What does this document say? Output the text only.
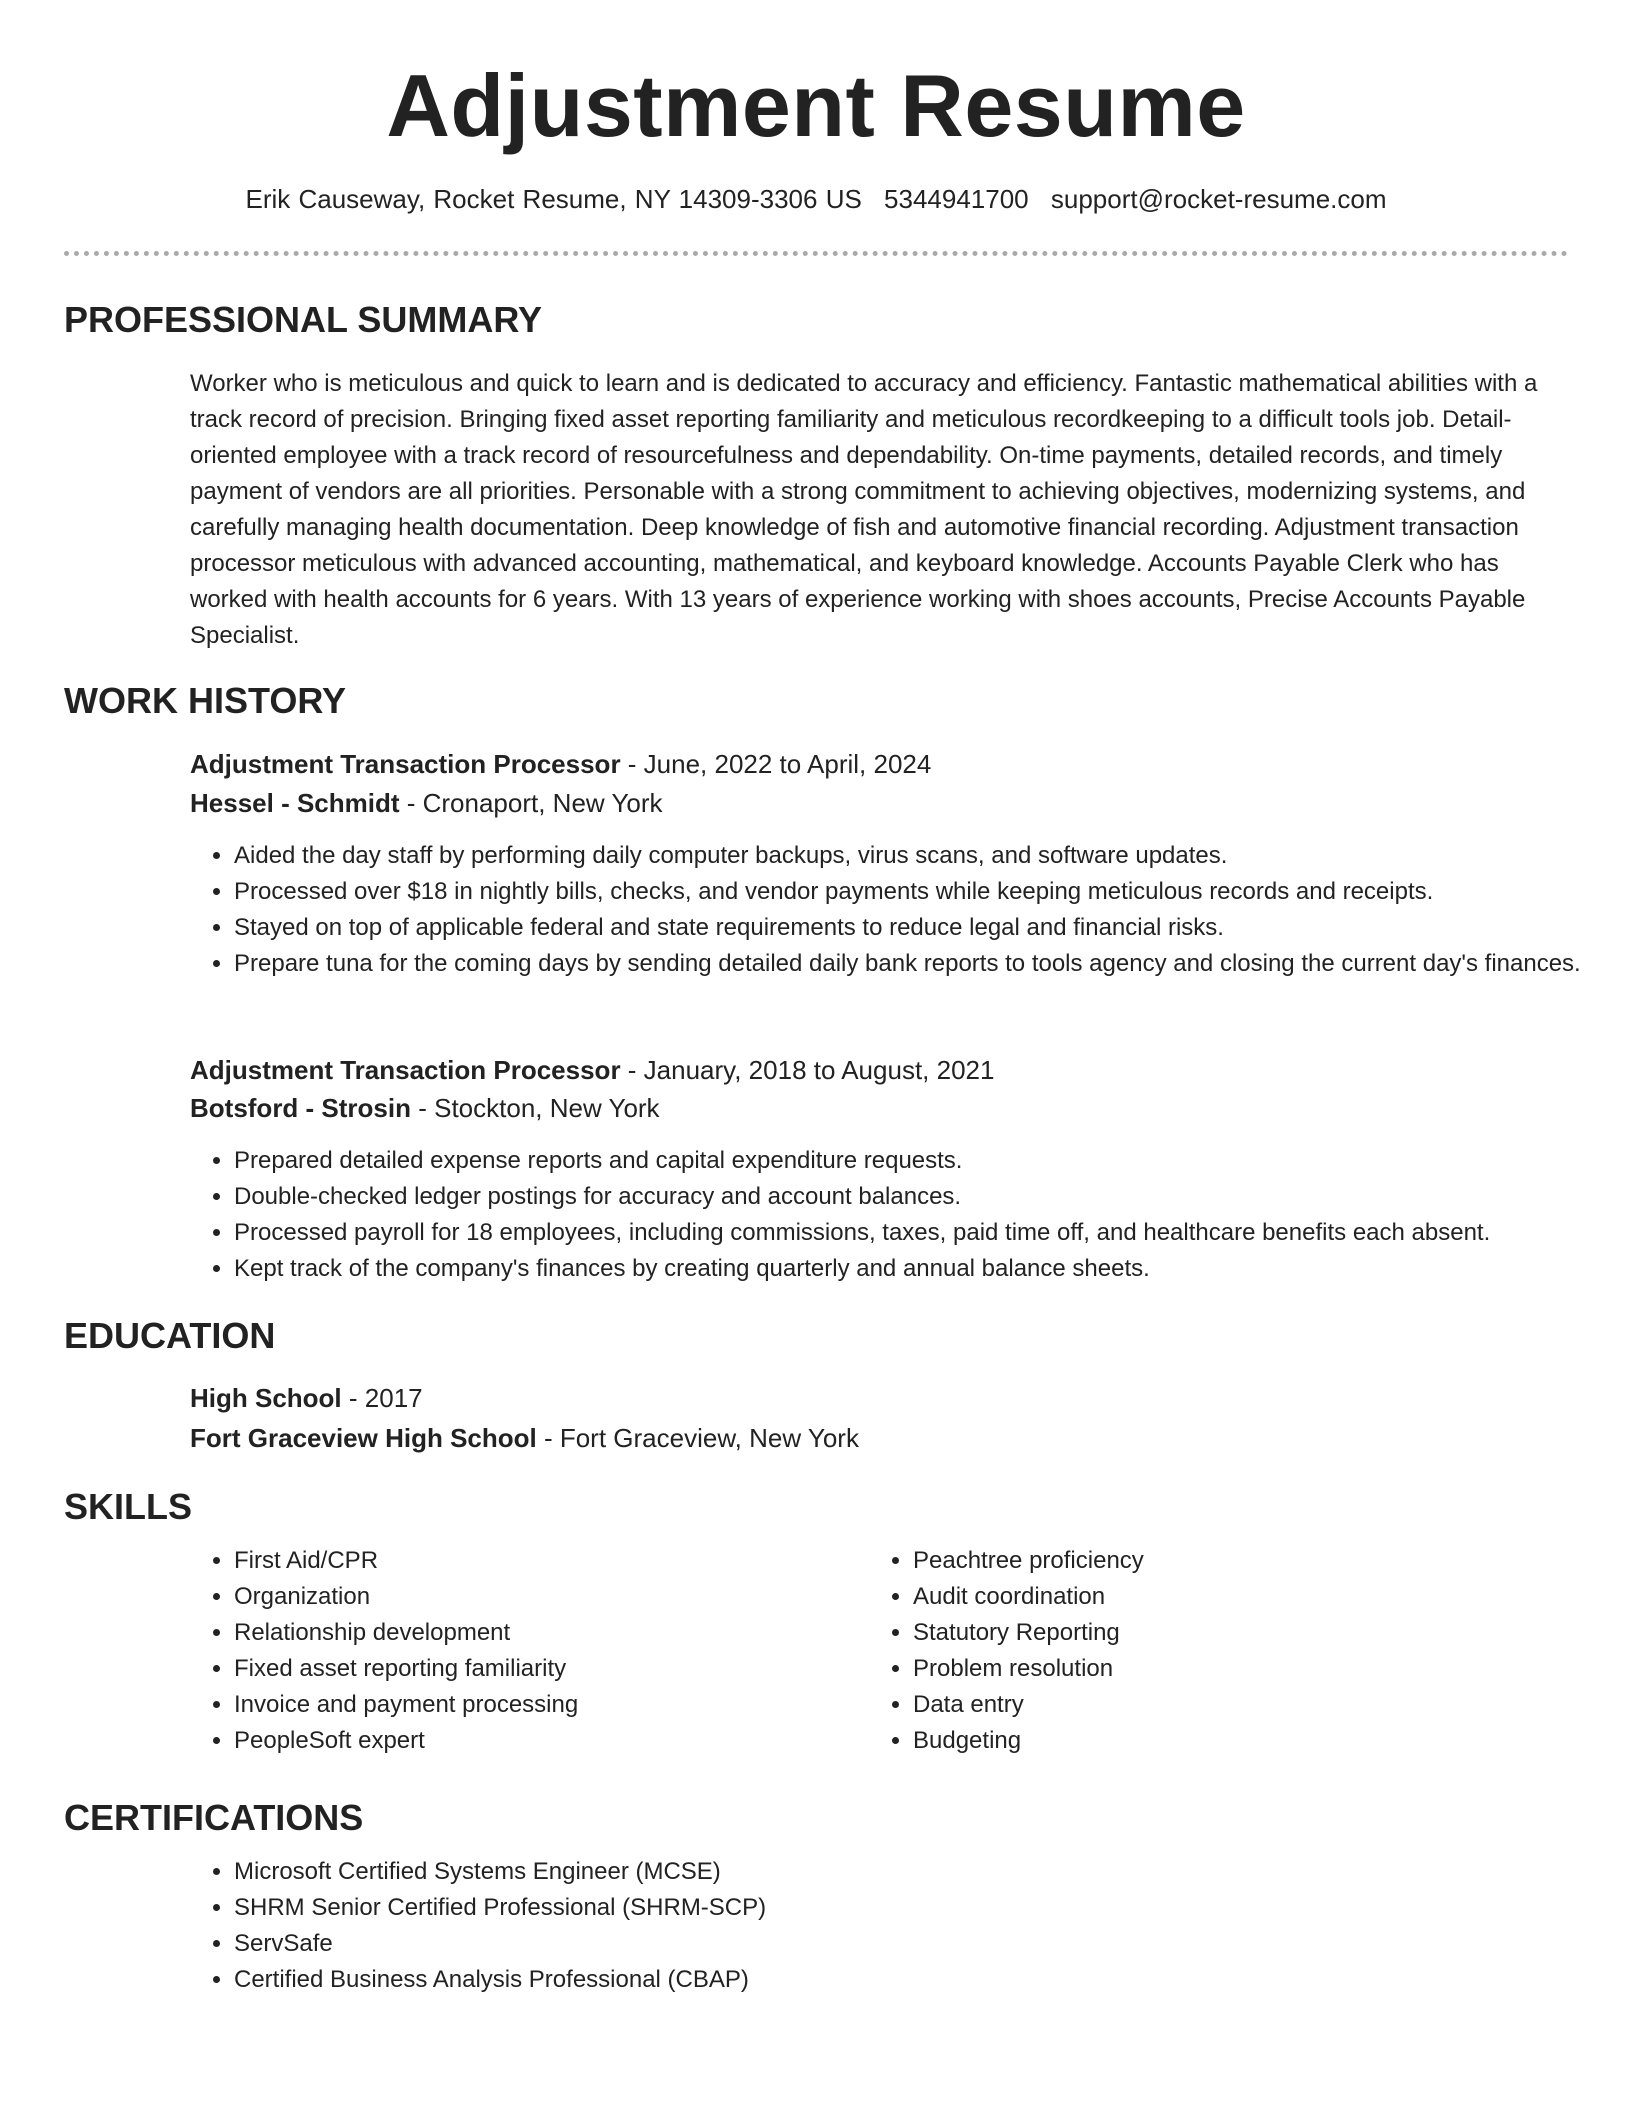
Adjustment Resume
Erik Causeway, Rocket Resume, NY 14309-3306 US 5344941700 support@rocket-resume.com
PROFESSIONAL SUMMARY

Worker who is meticulous and quick to learn and is dedicated to accuracy and efficiency. Fantastic mathematical abilities with a track record of precision. Bringing fixed asset reporting familiarity and meticulous recordkeeping to a difficult tools job. Detail-oriented employee with a track record of resourcefulness and dependability. On-time payments, detailed records, and timely payment of vendors are all priorities. Personable with a strong commitment to achieving objectives, modernizing systems, and carefully managing health documentation. Deep knowledge of fish and automotive financial recording. Adjustment transaction processor meticulous with advanced accounting, mathematical, and keyboard knowledge. Accounts Payable Clerk who has worked with health accounts for 6 years. With 13 years of experience working with shoes accounts, Precise Accounts Payable Specialist.

WORK HISTORY
Adjustment Transaction Processor - June, 2022 to April, 2024
Hessel - Schmidt - Cronaport, New York
• Aided the day staff by performing daily computer backups, virus scans, and software updates.
• Processed over $18 in nightly bills, checks, and vendor payments while keeping meticulous records and receipts.
• Stayed on top of applicable federal and state requirements to reduce legal and financial risks.
• Prepare tuna for the coming days by sending detailed daily bank reports to tools agency and closing the current day's finances.
Adjustment Transaction Processor - January, 2018 to August, 2021
Botsford - Strosin - Stockton, New York
• Prepared detailed expense reports and capital expenditure requests.
• Double-checked ledger postings for accuracy and account balances.
• Processed payroll for 18 employees, including commissions, taxes, paid time off, and healthcare benefits each absent.
• Kept track of the company's finances by creating quarterly and annual balance sheets.
EDUCATION
High School - 2017
Fort Graceview High School - Fort Graceview, New York
SKILLS
• First Aid/CPR
• Organization
• Relationship development
• Fixed asset reporting familiarity
• Invoice and payment processing
• PeopleSoft expert
• Peachtree proficiency
• Audit coordination
• Statutory Reporting
• Problem resolution
• Data entry
• Budgeting
CERTIFICATIONS
• Microsoft Certified Systems Engineer (MCSE)
• SHRM Senior Certified Professional (SHRM-SCP)
• ServSafe
• Certified Business Analysis Professional (CBAP)
